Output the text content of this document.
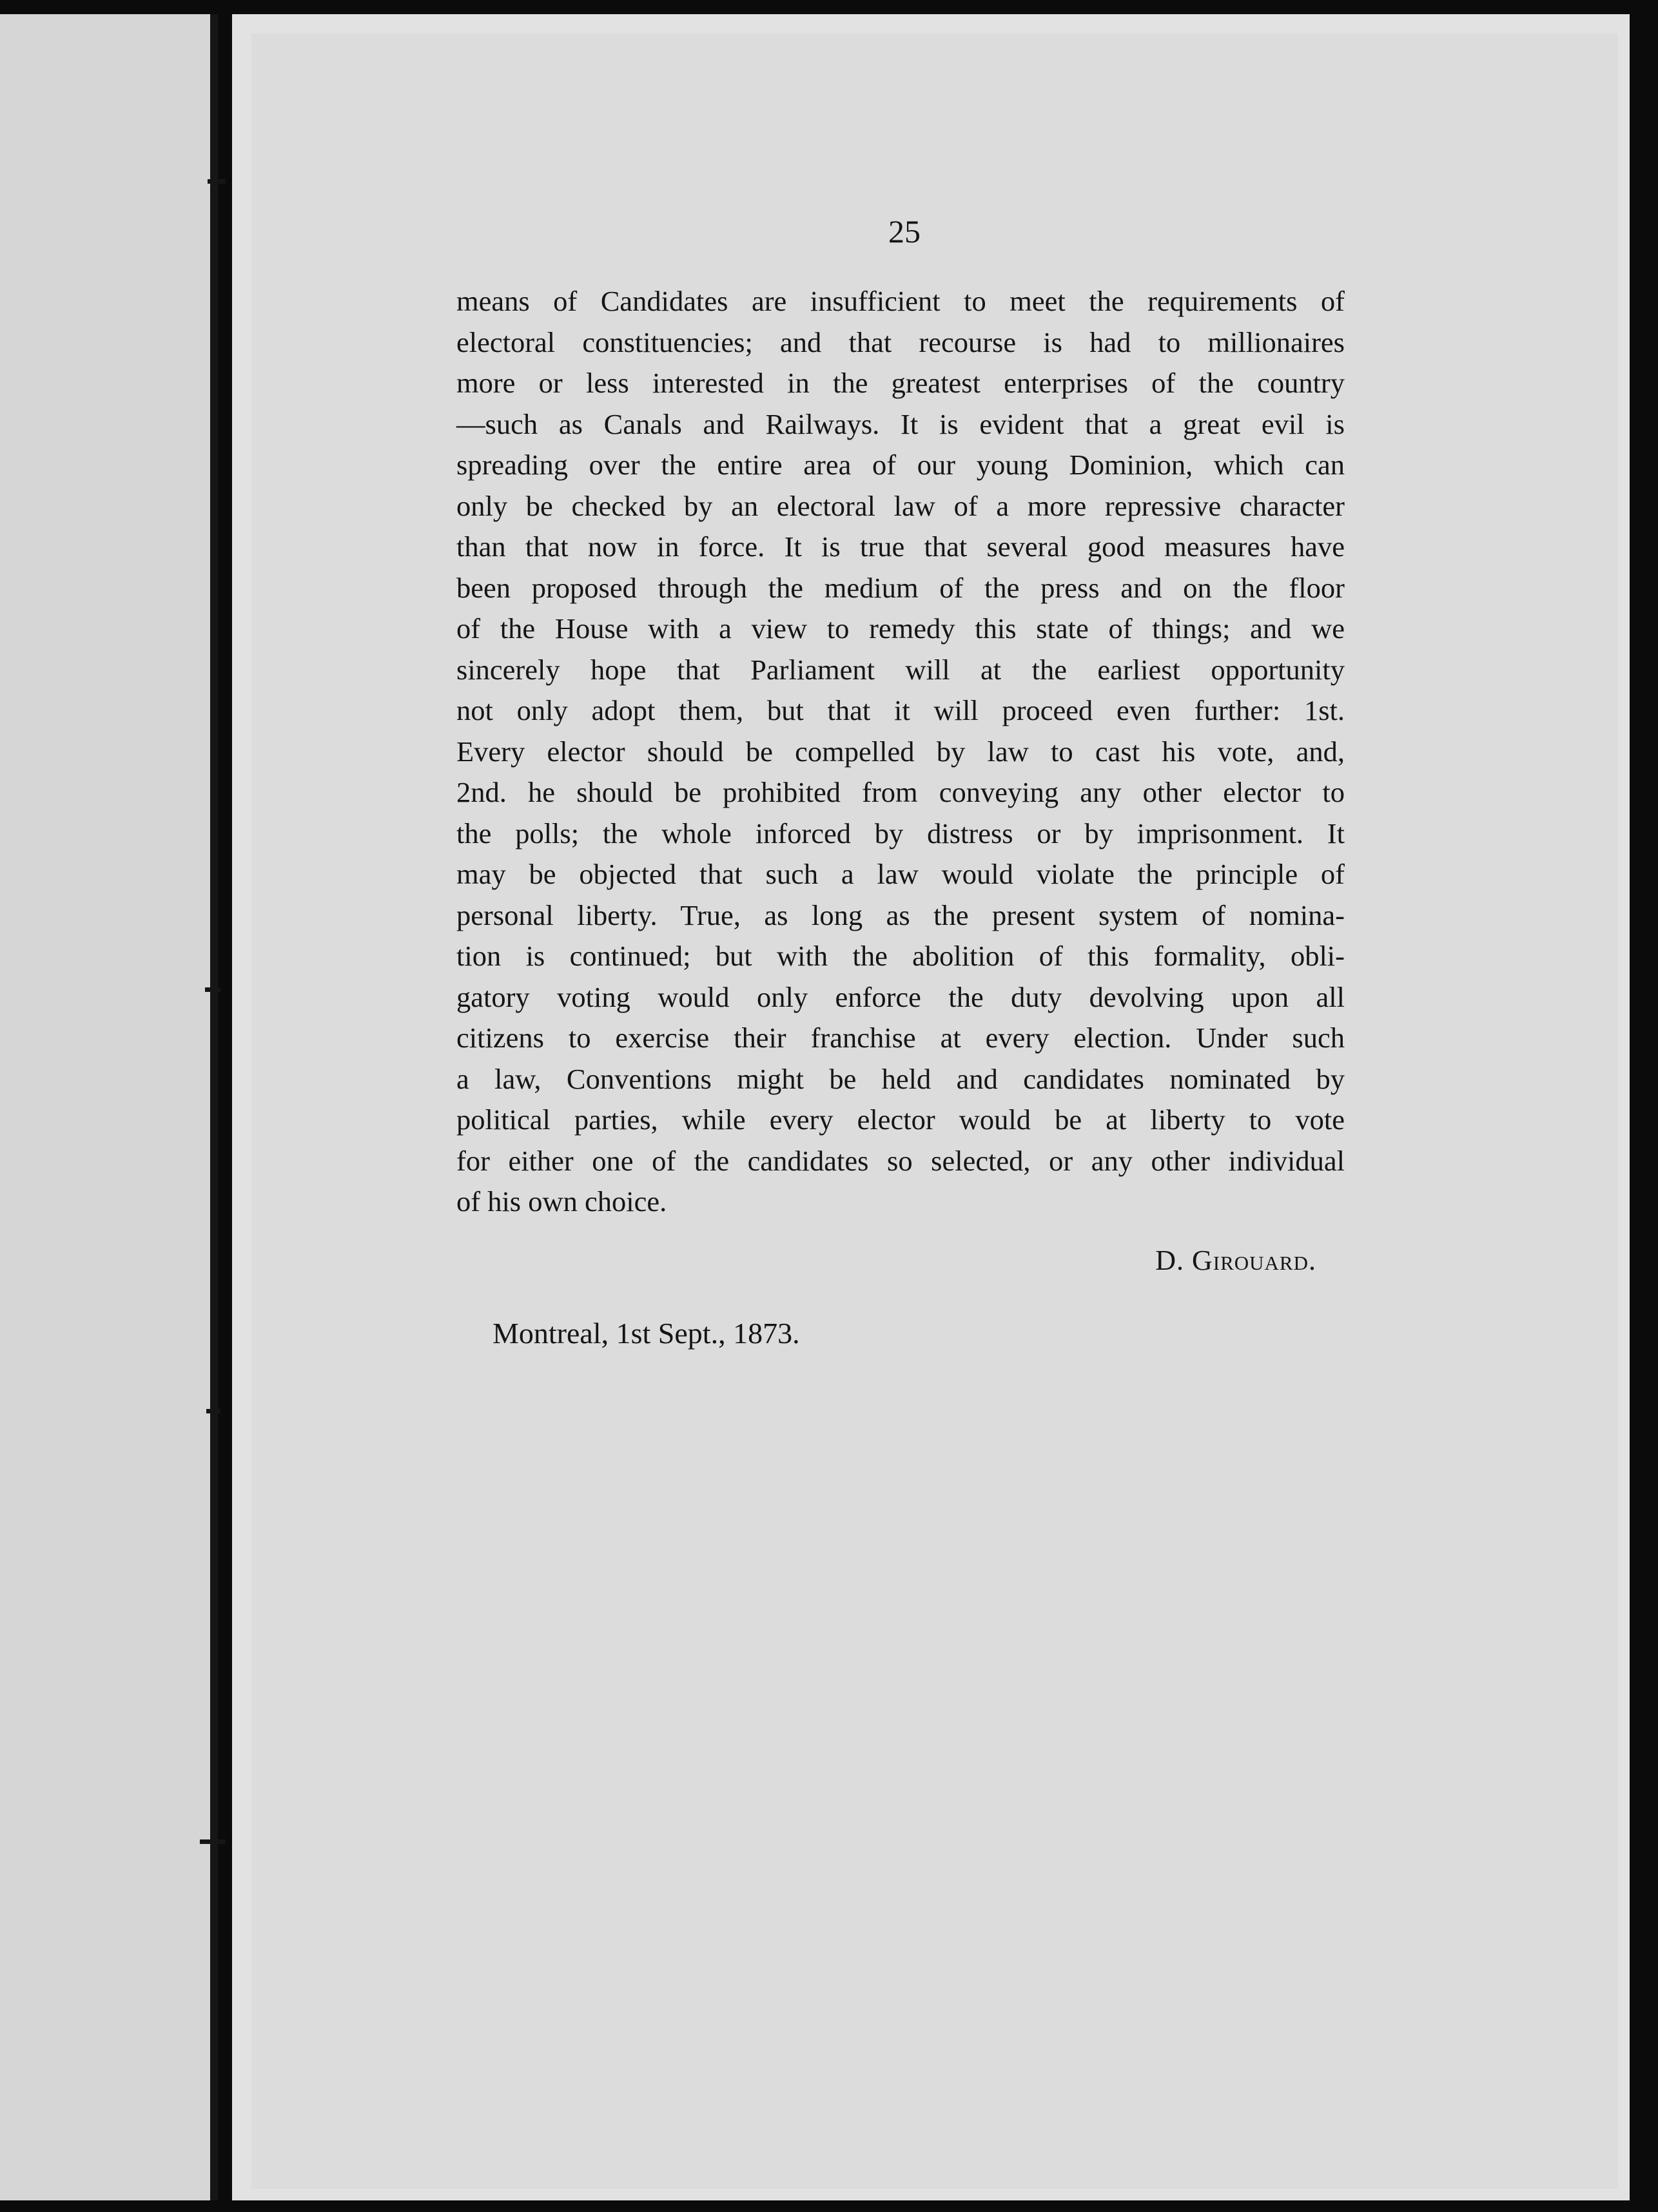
25
means of Candidates are insufficient to meet the requirements of
electoral constituencies; and that recourse is had to millionaires
more or less interested in the greatest enterprises of the country
—such as Canals and Railways. It is evident that a great evil is
spreading over the entire area of our young Dominion, which can
only be checked by an electoral law of a more repressive character
than that now in force. It is true that several good measures have
been proposed through the medium of the press and on the floor
of the House with a view to remedy this state of things; and we
sincerely hope that Parliament will at the earliest opportunity
not only adopt them, but that it will proceed even further: 1st.
Every elector should be compelled by law to cast his vote, and,
2nd. he should be prohibited from conveying any other elector to
the polls; the whole inforced by distress or by imprisonment. It
may be objected that such a law would violate the principle of
personal liberty. True, as long as the present system of nomina-
tion is continued; but with the abolition of this formality, obli-
gatory voting would only enforce the duty devolving upon all
citizens to exercise their franchise at every election. Under such
a law, Conventions might be held and candidates nominated by
political parties, while every elector would be at liberty to vote
for either one of the candidates so selected, or any other individual
of his own choice.
D. Girouard.
Montreal, 1st Sept., 1873.
